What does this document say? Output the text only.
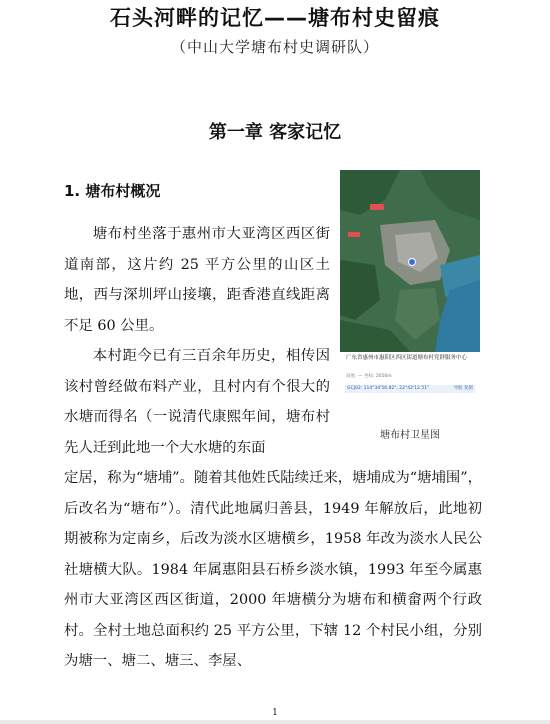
石头河畔的记忆——塘布村史留痕
（中山大学塘布村史调研队）
第一章 客家记忆
1. 塘布村概况
塘布村坐落于惠州市大亚湾区西区街道南部，这片约 25 平方公里的山区土地，西与深圳坪山接壤，距香港直线距离不足 60 公里。
本村距今已有三百余年历史，相传因该村曾经做布料产业，且村内有个很大的水塘而得名（一说清代康熙年间，塘布村先人迁到此地一个大水塘的东面
定居，称为“塘埔”。随着其他姓氏陆续迁来，塘埔成为“塘埔围”，后改名为“塘布”）。清代此地属归善县，1949 年解放后，此地初期被称为定南乡，后改为淡水区塘横乡，1958 年改为淡水人民公社塘横大队。1984 年属惠阳县石桥乡淡水镇，1993 年至今属惠州市大亚湾区西区街道，2000 年塘横分为塘布和横畲两个行政村。全村土地总面积约 25 平方公里，下辖 12 个村民小组，分别为塘一、塘二、塘三、李屋、
广东省惠州市惠阳区西区街道塘布村党群服务中心
高度: — 坐标: 2056m
GCJ02: 114°34'56.82", 22°42'12.51"	导航 复制
塘布村卫星图
1
